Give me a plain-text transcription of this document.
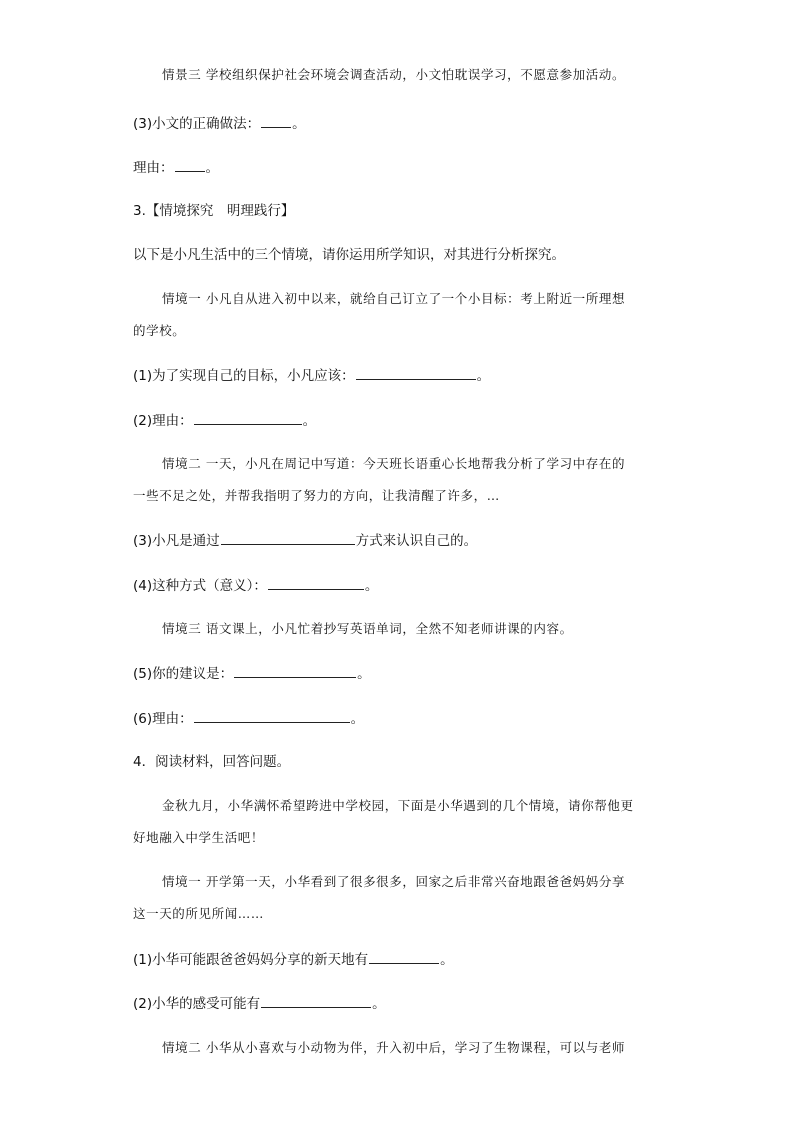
情景三 学校组织保护社会环境会调查活动，小文怕耽误学习，不愿意参加活动。
(3)小文的正确做法： 。
理由： 。
3.【情境探究　明理践行】
以下是小凡生活中的三个情境，请你运用所学知识，对其进行分析探究。
情境一 小凡自从进入初中以来，就给自己订立了一个小目标：考上附近一所理想
的学校。
(1)为了实现自己的目标，小凡应该：	。
(2)理由：	。
情境二 一天，小凡在周记中写道：今天班长语重心长地帮我分析了学习中存在的
一些不足之处，并帮我指明了努力的方向，让我清醒了许多，…
(3)小凡是通过	方式来认识自己的。
(4)这种方式（意义）：	。
情境三 语文课上，小凡忙着抄写英语单词，全然不知老师讲课的内容。
(5)你的建议是：	。
(6)理由：	。
4．阅读材料，回答问题。
金秋九月，小华满怀希望跨进中学校园，下面是小华遇到的几个情境，请你帮他更
好地融入中学生活吧！
情境一 开学第一天，小华看到了很多很多，回家之后非常兴奋地跟爸爸妈妈分享
这一天的所见所闻……
(1)小华可能跟爸爸妈妈分享的新天地有	。
(2)小华的感受可能有	。
情境二 小华从小喜欢与小动物为伴，升入初中后，学习了生物课程，可以与老师
